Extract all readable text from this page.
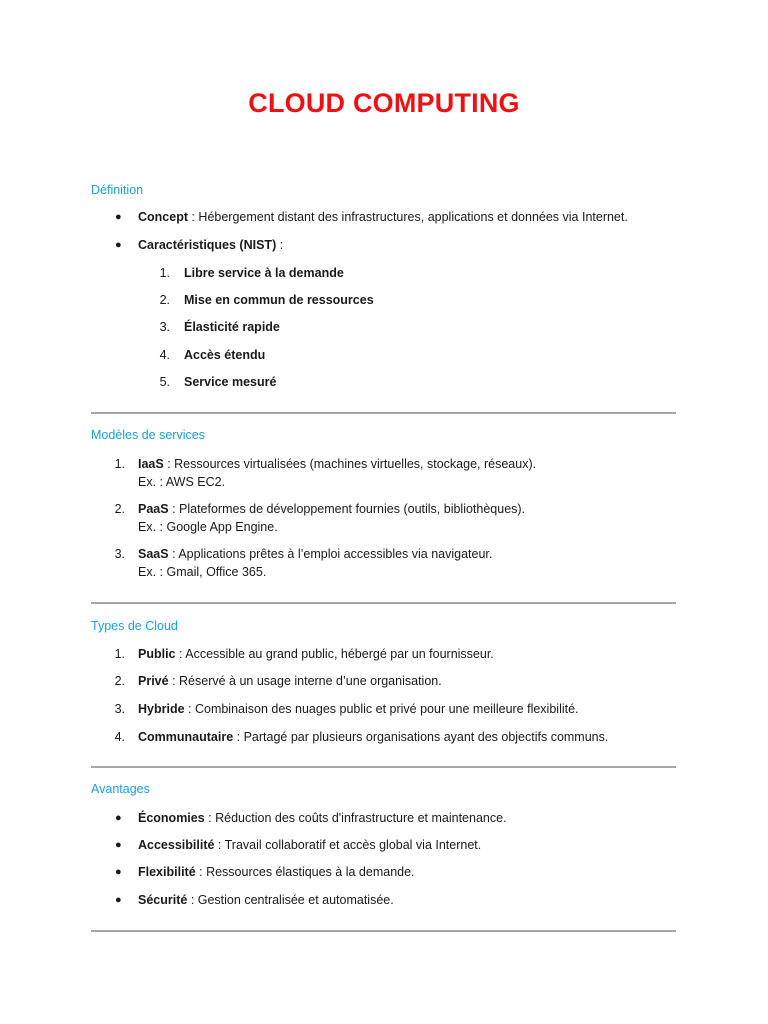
CLOUD COMPUTING
Définition
● Concept : Hébergement distant des infrastructures, applications et données via Internet.
● Caractéristiques (NIST) :
1. Libre service à la demande
2. Mise en commun de ressources
3. Élasticité rapide
4. Accès étendu
5. Service mesuré
Modèles de services
1. IaaS : Ressources virtualisées (machines virtuelles, stockage, réseaux).
Ex. : AWS EC2.
2. PaaS : Plateformes de développement fournies (outils, bibliothèques).
Ex. : Google App Engine.
3. SaaS : Applications prêtes à l’emploi accessibles via navigateur.
Ex. : Gmail, Office 365.
Types de Cloud
1. Public : Accessible au grand public, hébergé par un fournisseur.
2. Privé : Réservé à un usage interne d’une organisation.
3. Hybride : Combinaison des nuages public et privé pour une meilleure flexibilité.
4. Communautaire : Partagé par plusieurs organisations ayant des objectifs communs.
Avantages
● Économies : Réduction des coûts d'infrastructure et maintenance.
● Accessibilité : Travail collaboratif et accès global via Internet.
● Flexibilité : Ressources élastiques à la demande.
● Sécurité : Gestion centralisée et automatisée.
